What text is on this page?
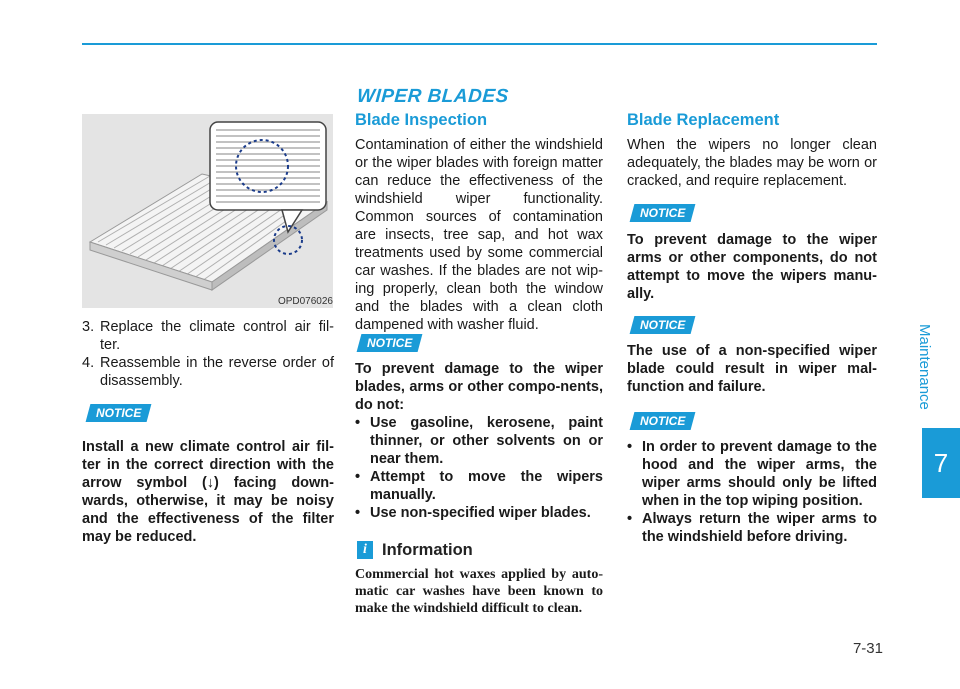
WIPER BLADES
Maintenance
7
7-31
OPD076026
3. Replace the climate control air fil-ter.
4. Reassemble in the reverse order of disassembly.
NOTICE
Install a new climate control air fil-ter in the correct direction with the arrow symbol (↓) facing down-wards, otherwise, it may be noisy and the effectiveness of the filter may be reduced.
Blade Inspection
Contamination of either the windshield or the wiper blades with foreign matter can reduce the effectiveness of the windshield wiper functionality. Common sources of contamination are insects, tree sap, and hot wax treatments used by some commercial car washes. If the blades are not wip-ing properly, clean both the window and the blades with a clean cloth dampened with washer fluid.
NOTICE
To prevent damage to the wiper blades, arms or other compo-nents, do not:
• Use gasoline, kerosene, paint thinner, or other solvents on or near them.
• Attempt to move the wipers manually.
• Use non-specified wiper blades.
i Information
Commercial hot waxes applied by auto-matic car washes have been known to make the windshield difficult to clean.
Blade Replacement
When the wipers no longer clean adequately, the blades may be worn or cracked, and require replacement.
NOTICE
To prevent damage to the wiper arms or other components, do not attempt to move the wipers manu-ally.
NOTICE
The use of a non-specified wiper blade could result in wiper mal-function and failure.
NOTICE
• In order to prevent damage to the hood and the wiper arms, the wiper arms should only be lifted when in the top wiping position.
• Always return the wiper arms to the windshield before driving.
